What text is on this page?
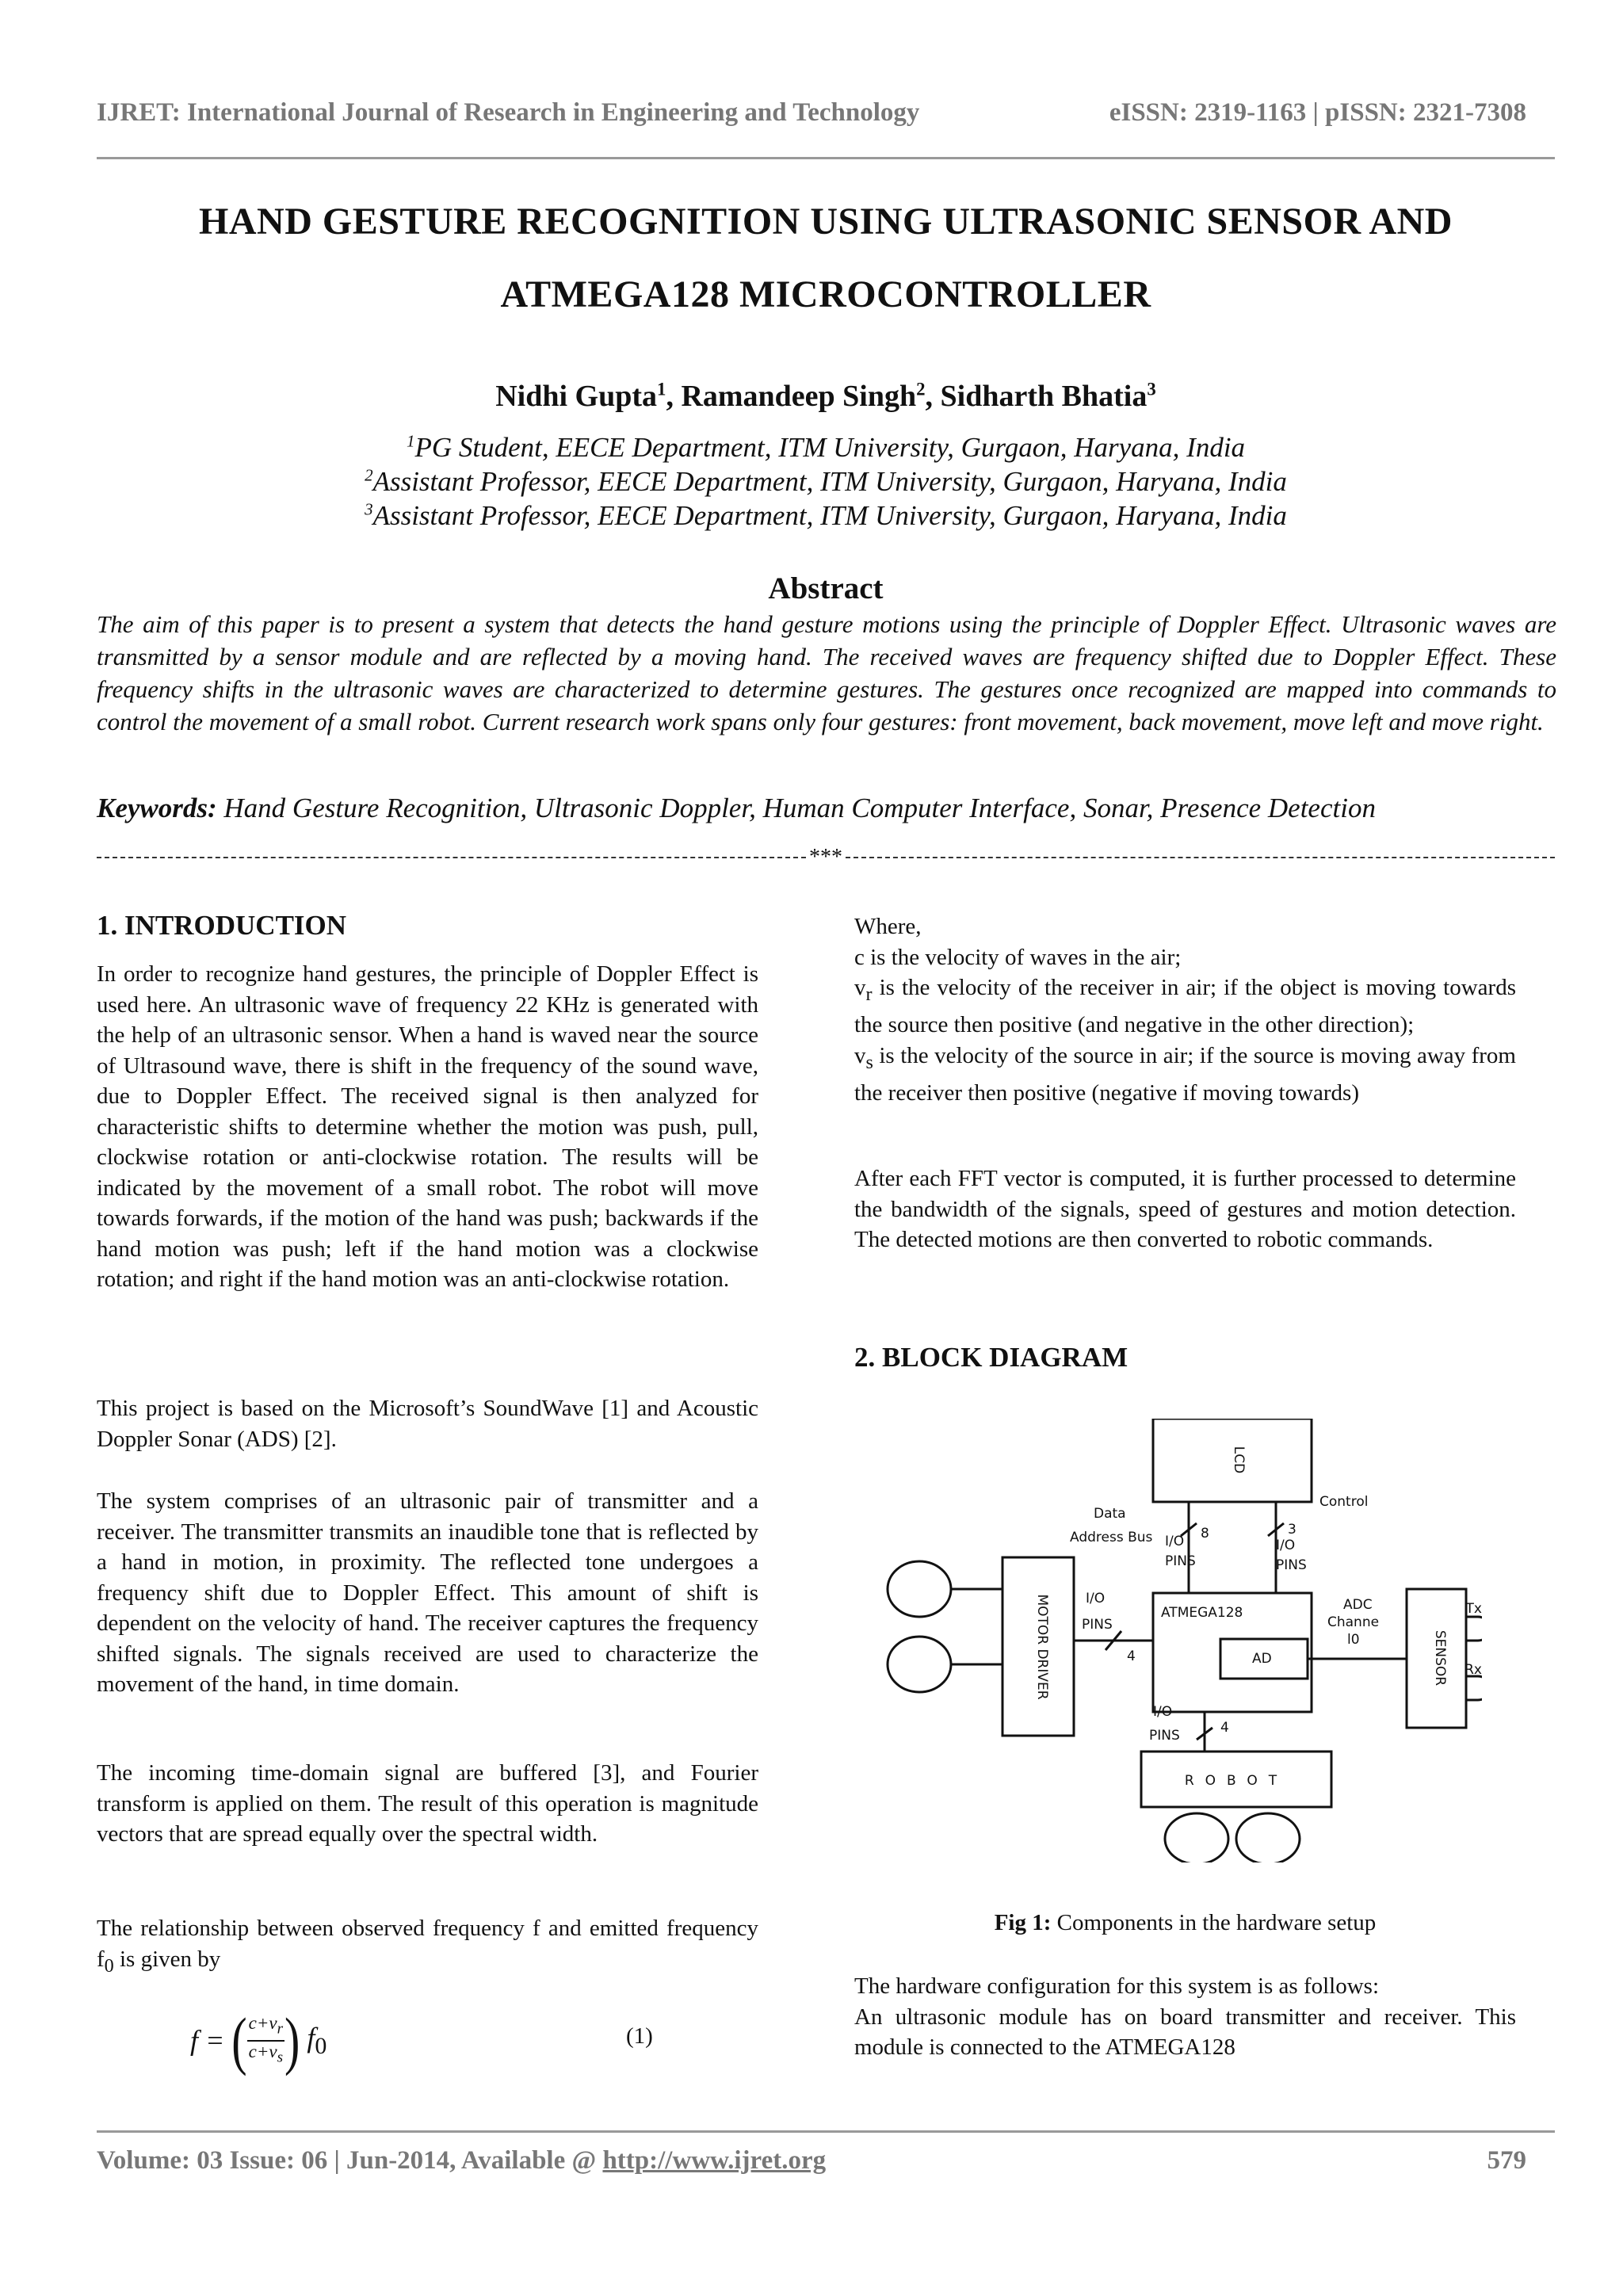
IJRET: International Journal of Research in Engineering and Technology	eISSN: 2319-1163 | pISSN: 2321-7308
HAND GESTURE RECOGNITION USING ULTRASONIC SENSOR AND
ATMEGA128 MICROCONTROLLER
Nidhi Gupta$^1$, Ramandeep Singh$^2$, Sidharth Bhatia$^3$
$^1$PG Student, EECE Department, ITM University, Gurgaon, Haryana, India
$^2$Assistant Professor, EECE Department, ITM University, Gurgaon, Haryana, India
$^3$Assistant Professor, EECE Department, ITM University, Gurgaon, Haryana, India
Abstract
The aim of this paper is to present a system that detects the hand gesture motions using the principle of Doppler Effect. Ultrasonic waves are transmitted by a sensor module and are reflected by a moving hand. The received waves are frequency shifted due to Doppler Effect. These frequency shifts in the ultrasonic waves are characterized to determine gestures. The gestures once recognized are mapped into commands to control the movement of a small robot. Current research work spans only four gestures: front movement, back movement, move left and move right.
Keywords: Hand Gesture Recognition, Ultrasonic Doppler, Human Computer Interface, Sonar, Presence Detection
***
1. INTRODUCTION
In order to recognize hand gestures, the principle of Doppler Effect is used here. An ultrasonic wave of frequency 22 KHz is generated with the help of an ultrasonic sensor. When a hand is waved near the source of Ultrasound wave, there is shift in the frequency of the sound wave, due to Doppler Effect. The received signal is then analyzed for characteristic shifts to determine whether the motion was push, pull, clockwise rotation or anti-clockwise rotation. The results will be indicated by the movement of a small robot. The robot will move towards forwards, if the motion of the hand was push; backwards if the hand motion was push; left if the hand motion was a clockwise rotation; and right if the hand motion was an anti-clockwise rotation.
This project is based on the Microsoft’s SoundWave [1] and Acoustic Doppler Sonar (ADS) [2].
The system comprises of an ultrasonic pair of transmitter and a receiver. The transmitter transmits an inaudible tone that is reflected by a hand in motion, in proximity. The reflected tone undergoes a frequency shift due to Doppler Effect. This amount of shift is dependent on the velocity of hand. The receiver captures the frequency shifted signals. The signals received are used to characterize the movement of the hand, in time domain.
The incoming time-domain signal are buffered [3], and Fourier transform is applied on them. The result of this operation is magnitude vectors that are spread equally over the spectral width.
The relationship between observed frequency f and emitted frequency $f_0$ is given by
f = ( $\frac{c+v_r}{c+v_s}$ ) $f_0$	(1)
Where,
c is the velocity of waves in the air;
$v_r$ is the velocity of the receiver in air; if the object is moving towards the source then positive (and negative in the other direction);
$v_s$ is the velocity of the source in air; if the source is moving away from the receiver then positive (negative if moving towards)
After each FFT vector is computed, it is further processed to determine the bandwidth of the signals, speed of gestures and motion detection. The detected motions are then converted to robotic commands.
2. BLOCK DIAGRAM
LCD
Data
Address Bus
Control
I/O
PINS
I/O
PINS
8	3
MOTOR DRIVER	I/O
PINS
4
ATMEGA128
AD
ADC
Channe
l0	SENSOR
Tx
Rx
I/O
PINS	4
ROBOT
Fig 1: Components in the hardware setup
The hardware configuration for this system is as follows:
An ultrasonic module has on board transmitter and receiver. This module is connected to the ATMEGA128
Volume: 03 Issue: 06 | Jun-2014, Available @ http://www.ijret.org	579
